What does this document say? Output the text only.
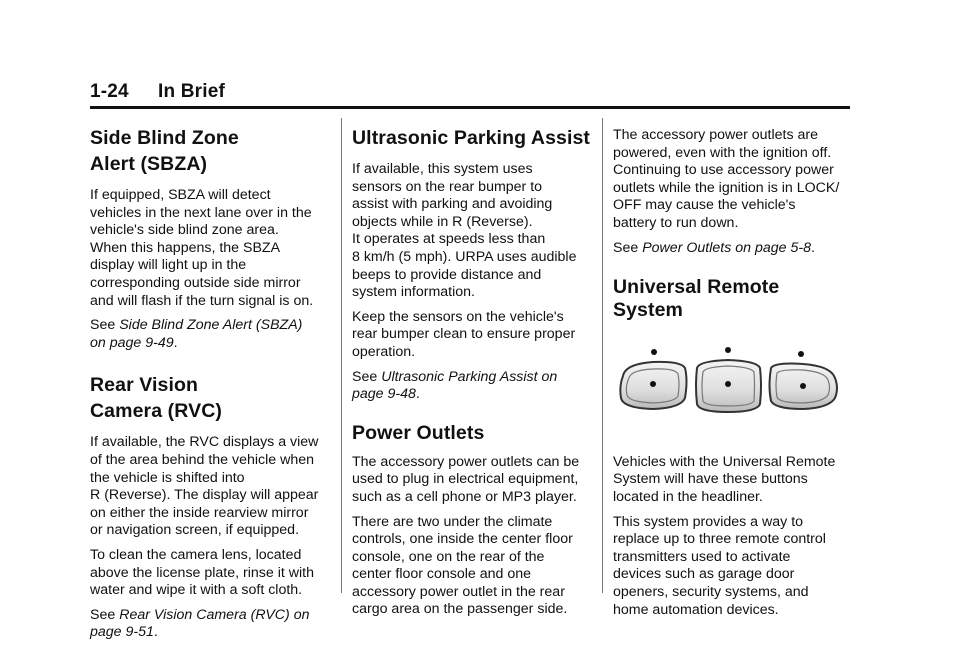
1-24 In Brief
Side Blind Zone
Alert (SBZA)

If equipped, SBZA will detect
vehicles in the next lane over in the
vehicle's side blind zone area.
When this happens, the SBZA
display will light up in the
corresponding outside side mirror
and will flash if the turn signal is on.

See Side Blind Zone Alert (SBZA)
on page 9-49.

Rear Vision
Camera (RVC)

If available, the RVC displays a view
of the area behind the vehicle when
the vehicle is shifted into
R (Reverse). The display will appear
on either the inside rearview mirror
or navigation screen, if equipped.

To clean the camera lens, located
above the license plate, rinse it with
water and wipe it with a soft cloth.

See Rear Vision Camera (RVC) on
page 9-51.

Ultrasonic Parking Assist

If available, this system uses
sensors on the rear bumper to
assist with parking and avoiding
objects while in R (Reverse).
It operates at speeds less than
8 km/h (5 mph). URPA uses audible
beeps to provide distance and
system information.

Keep the sensors on the vehicle's
rear bumper clean to ensure proper
operation.

See Ultrasonic Parking Assist on
page 9-48.

Power Outlets

The accessory power outlets can be
used to plug in electrical equipment,
such as a cell phone or MP3 player.

There are two under the climate
controls, one inside the center floor
console, one on the rear of the
center floor console and one
accessory power outlet in the rear
cargo area on the passenger side.

The accessory power outlets are
powered, even with the ignition off.
Continuing to use accessory power
outlets while the ignition is in LOCK/
OFF may cause the vehicle's
battery to run down.

See Power Outlets on page 5-8.

Universal Remote System

Vehicles with the Universal Remote
System will have these buttons
located in the headliner.

This system provides a way to
replace up to three remote control
transmitters used to activate
devices such as garage door
openers, security systems, and
home automation devices.
